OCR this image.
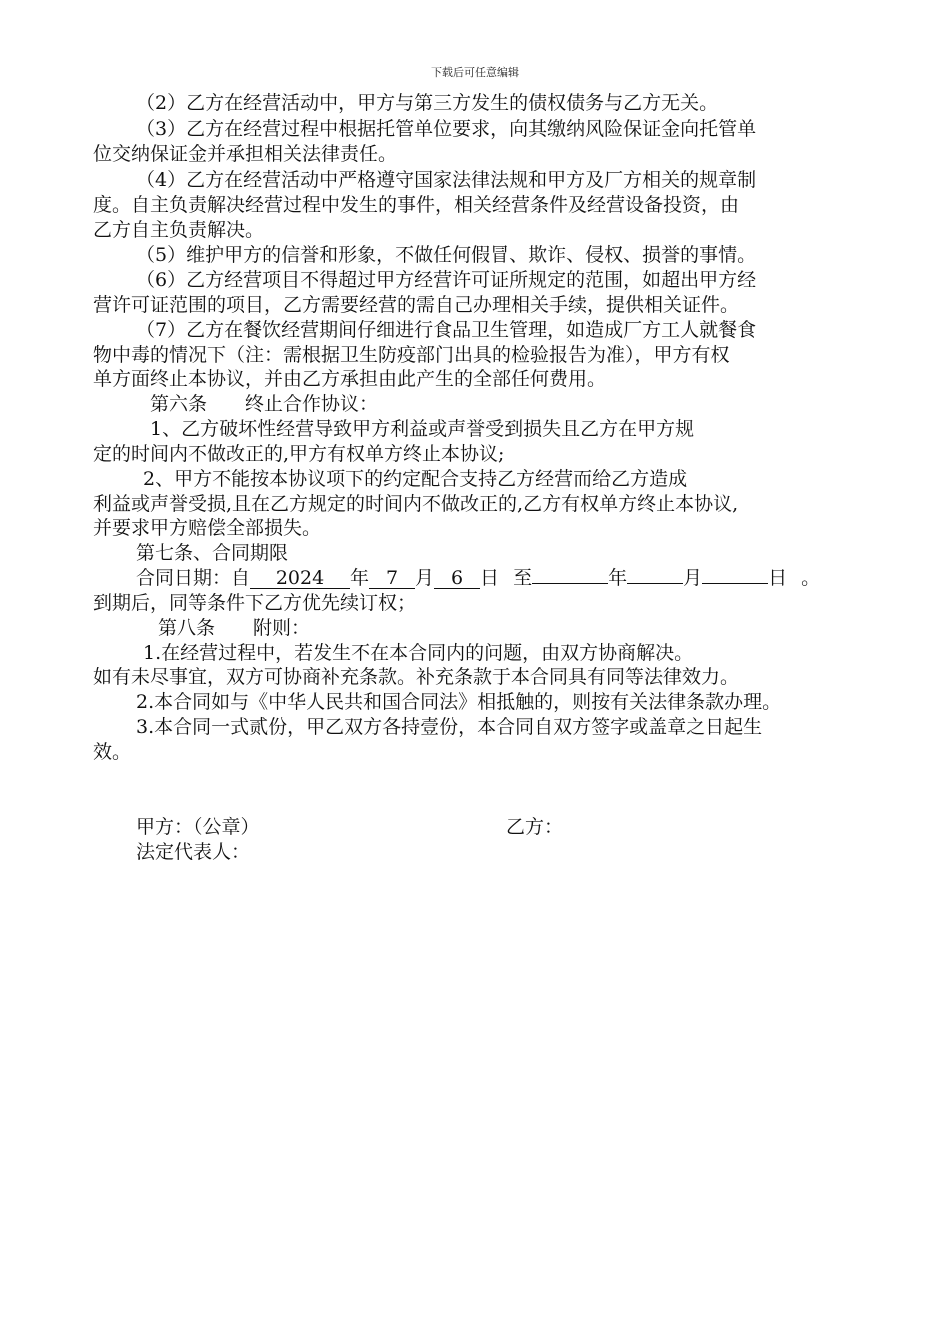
下载后可任意编辑
（2）乙方在经营活动中，甲方与第三方发生的债权债务与乙方无关。
（3）乙方在经营过程中根据托管单位要求，向其缴纳风险保证金向托管单
位交纳保证金并承担相关法律责任。
（4）乙方在经营活动中严格遵守国家法律法规和甲方及厂方相关的规章制
度。自主负责解决经营过程中发生的事件，相关经营条件及经营设备投资，由
乙方自主负责解决。
（5）维护甲方的信誉和形象，不做任何假冒、欺诈、侵权、损誉的事情。
（6）乙方经营项目不得超过甲方经营许可证所规定的范围，如超出甲方经
营许可证范围的项目，乙方需要经营的需自己办理相关手续，提供相关证件。
（7）乙方在餐饮经营期间仔细进行食品卫生管理，如造成厂方工人就餐食
物中毒的情况下（注：需根据卫生防疫部门出具的检验报告为准），甲方有权
单方面终止本协议，并由乙方承担由此产生的全部任何费用。
第六条　　终止合作协议：
1、乙方破坏性经营导致甲方利益或声誉受到损失且乙方在甲方规
定的时间内不做改正的,甲方有权单方终止本协议;
2、甲方不能按本协议项下的约定配合支持乙方经营而给乙方造成
利益或声誉受损,且在乙方规定的时间内不做改正的,乙方有权单方终止本协议,
并要求甲方赔偿全部损失。
第七条、合同期限
合同日期：自 2024 年 7 月 6 日 至	年	月	日 。
到期后，同等条件下乙方优先续订权；
第八条　　附则：
1.在经营过程中，若发生不在本合同内的问题，由双方协商解决。
如有未尽事宜，双方可协商补充条款。补充条款于本合同具有同等法律效力。
2.本合同如与《中华人民共和国合同法》相抵触的，则按有关法律条款办理。
3.本合同一式贰份，甲乙双方各持壹份，本合同自双方签字或盖章之日起生
效。
甲方：（公章）	乙方：
法定代表人：
